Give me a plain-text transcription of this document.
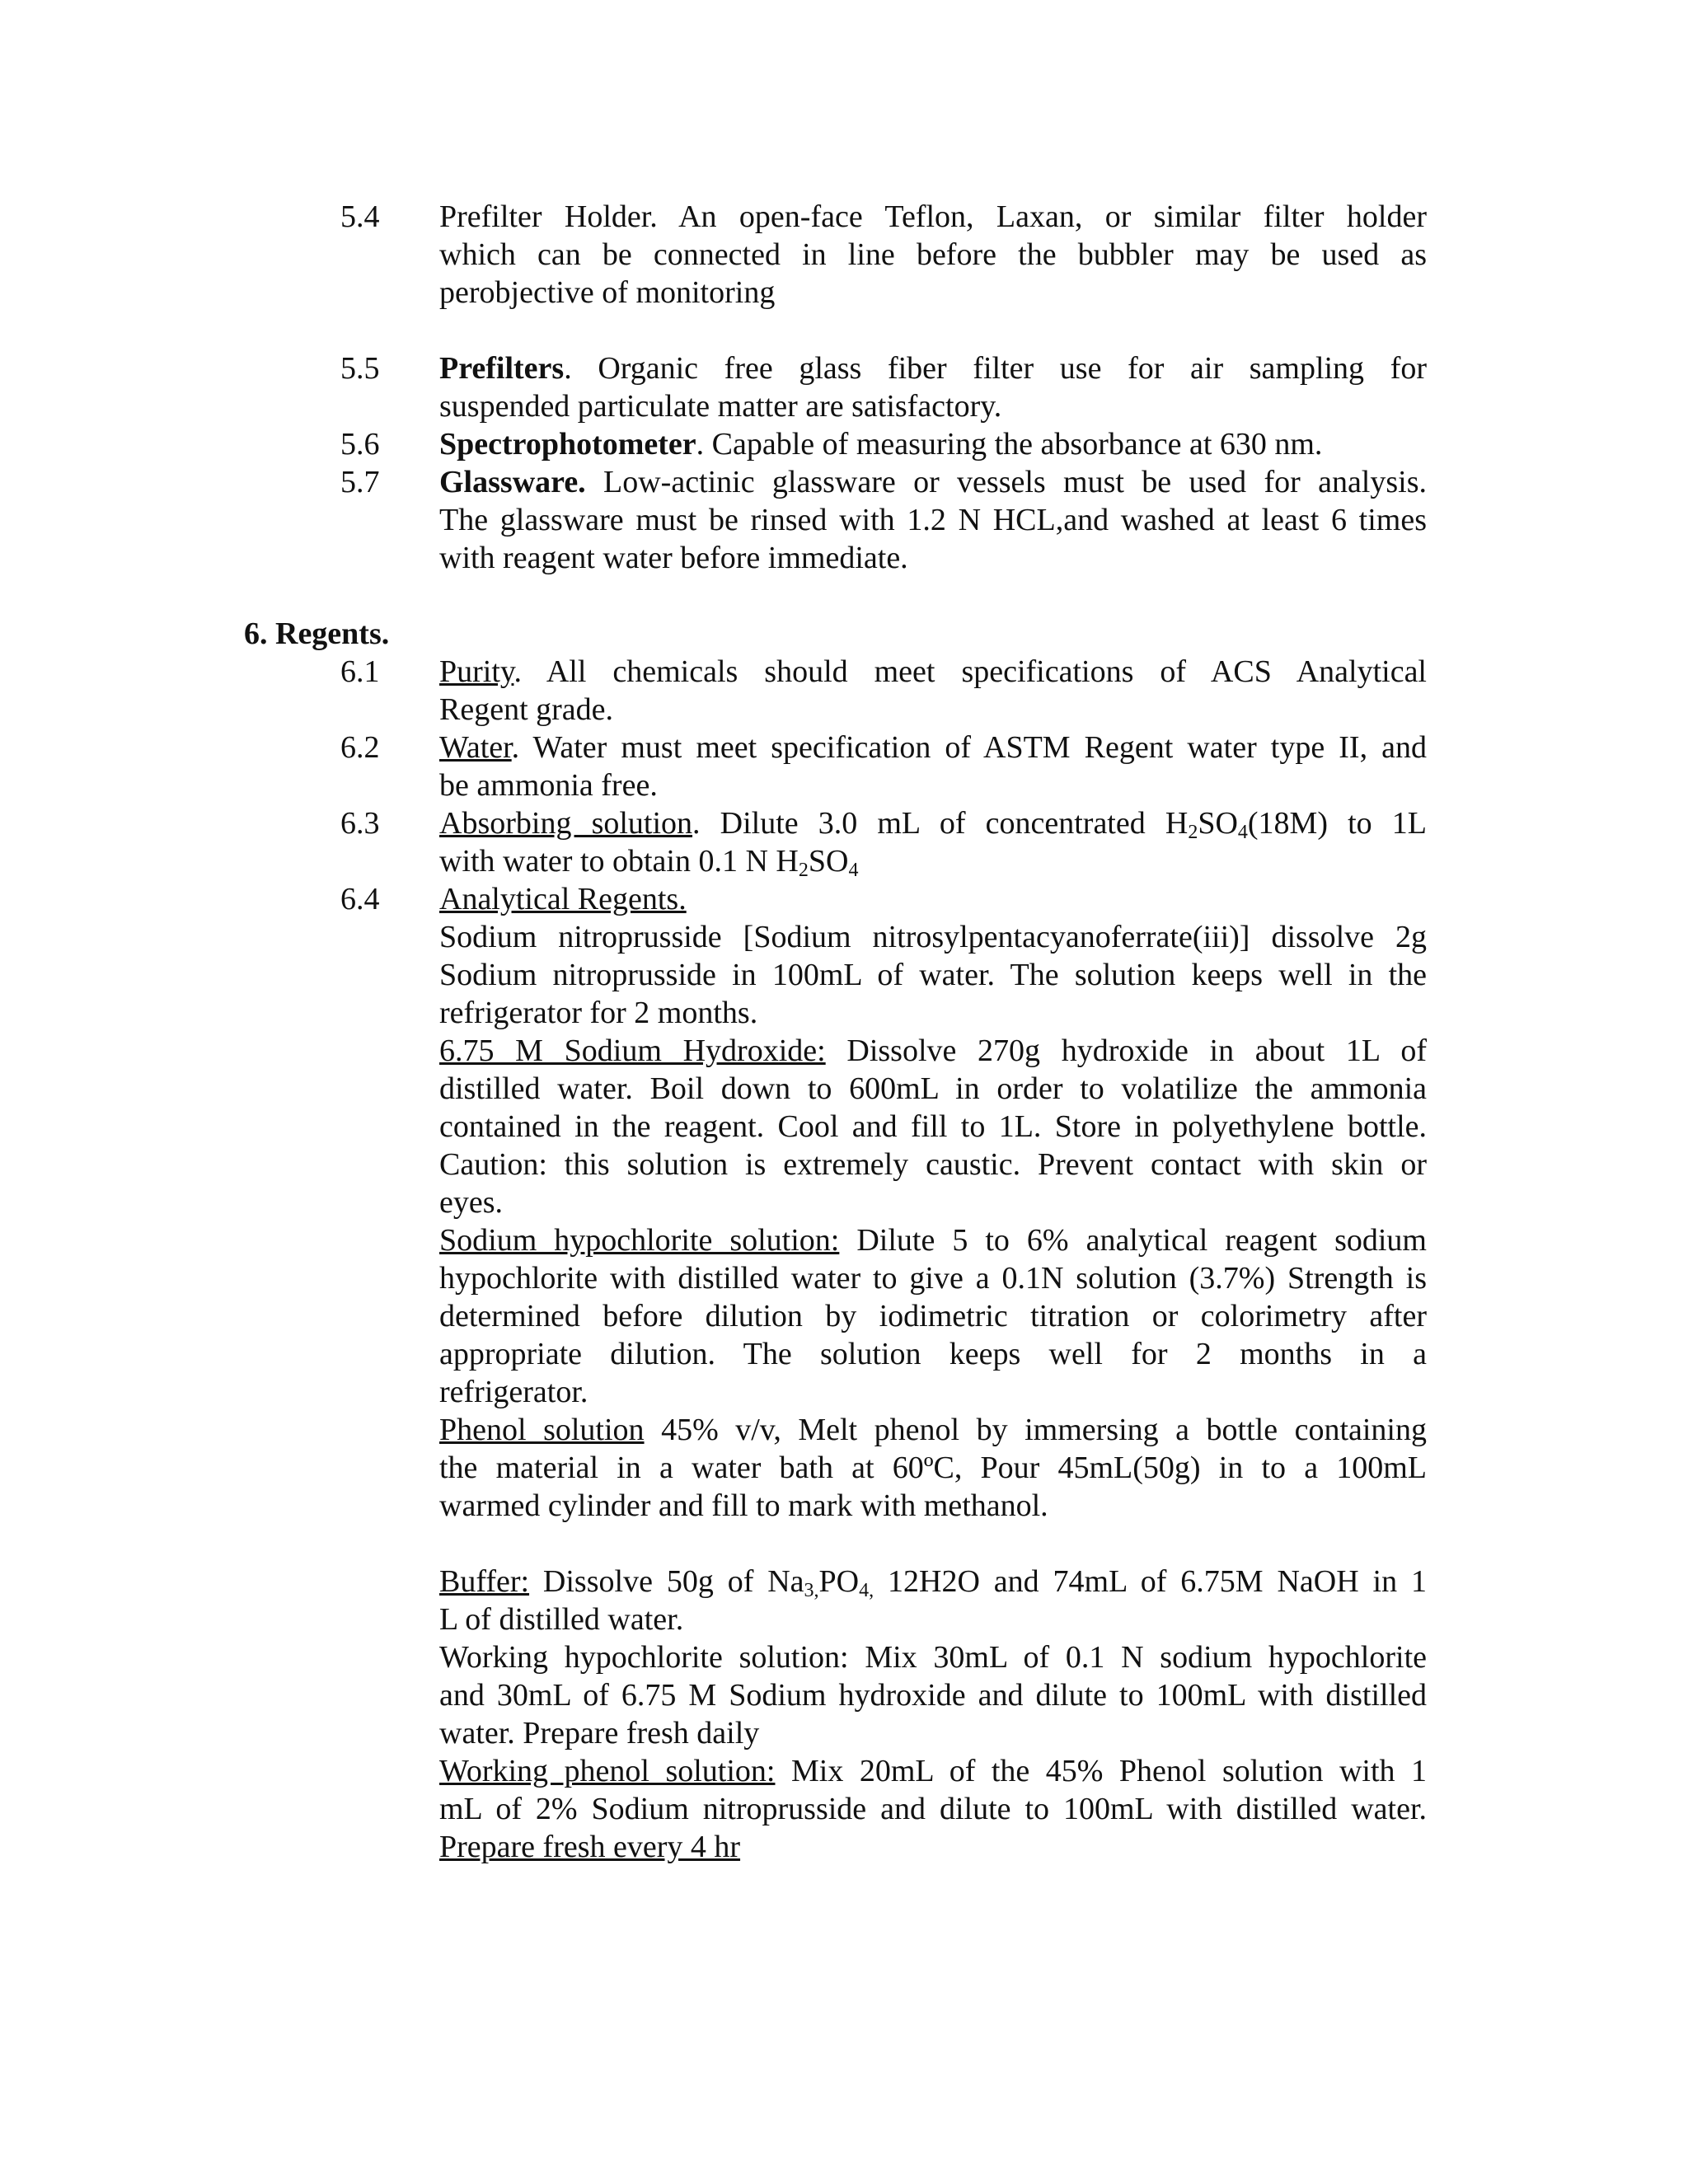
5.4 Prefilter Holder. An open-face Teflon, Laxan, or similar filter holder
which can be connected in line before the bubbler may be used as
perobjective of monitoring
5.5 Prefilters. Organic free glass fiber filter use for air sampling for
suspended particulate matter are satisfactory.
5.6 Spectrophotometer. Capable of measuring the absorbance at 630 nm.
5.7 Glassware. Low-actinic glassware or vessels must be used for analysis.
The glassware must be rinsed with 1.2 N HCL,and washed at least 6 times
with reagent water before immediate.
6. Regents.
6.1 Purity. All chemicals should meet specifications of ACS Analytical
Regent grade.
6.2 Water. Water must meet specification of ASTM Regent water type II, and
be ammonia free.
6.3 Absorbing solution. Dilute 3.0 mL of concentrated $H_2SO_4(18M)$ to 1L
with water to obtain 0.1 N $H_2SO_4$
6.4 Analytical Regents.
Sodium nitroprusside [Sodium nitrosylpentacyanoferrate(iii)] dissolve 2g
Sodium nitroprusside in 100mL of water. The solution keeps well in the
refrigerator for 2 months.
6.75 M Sodium Hydroxide: Dissolve 270g hydroxide in about 1L of
distilled water. Boil down to 600mL in order to volatilize the ammonia
contained in the reagent. Cool and fill to 1L. Store in polyethylene bottle.
Caution: this solution is extremely caustic. Prevent contact with skin or
eyes.
Sodium hypochlorite solution: Dilute 5 to 6% analytical reagent sodium
hypochlorite with distilled water to give a 0.1N solution (3.7%) Strength is
determined before dilution by iodimetric titration or colorimetry after
appropriate dilution. The solution keeps well for 2 months in a
refrigerator.
Phenol solution 45% v/v, Melt phenol by immersing a bottle containing
the material in a water bath at 60ºC, Pour 45mL(50g) in to a 100mL
warmed cylinder and fill to mark with methanol.
Buffer: Dissolve 50g of $Na_{3,}PO_{4,}$ 12H2O and 74mL of 6.75M NaOH in 1
L of distilled water.
Working hypochlorite solution: Mix 30mL of 0.1 N sodium hypochlorite
and 30mL of 6.75 M Sodium hydroxide and dilute to 100mL with distilled
water. Prepare fresh daily
Working phenol solution: Mix 20mL of the 45% Phenol solution with 1
mL of 2% Sodium nitroprusside and dilute to 100mL with distilled water.
Prepare fresh every 4 hr
